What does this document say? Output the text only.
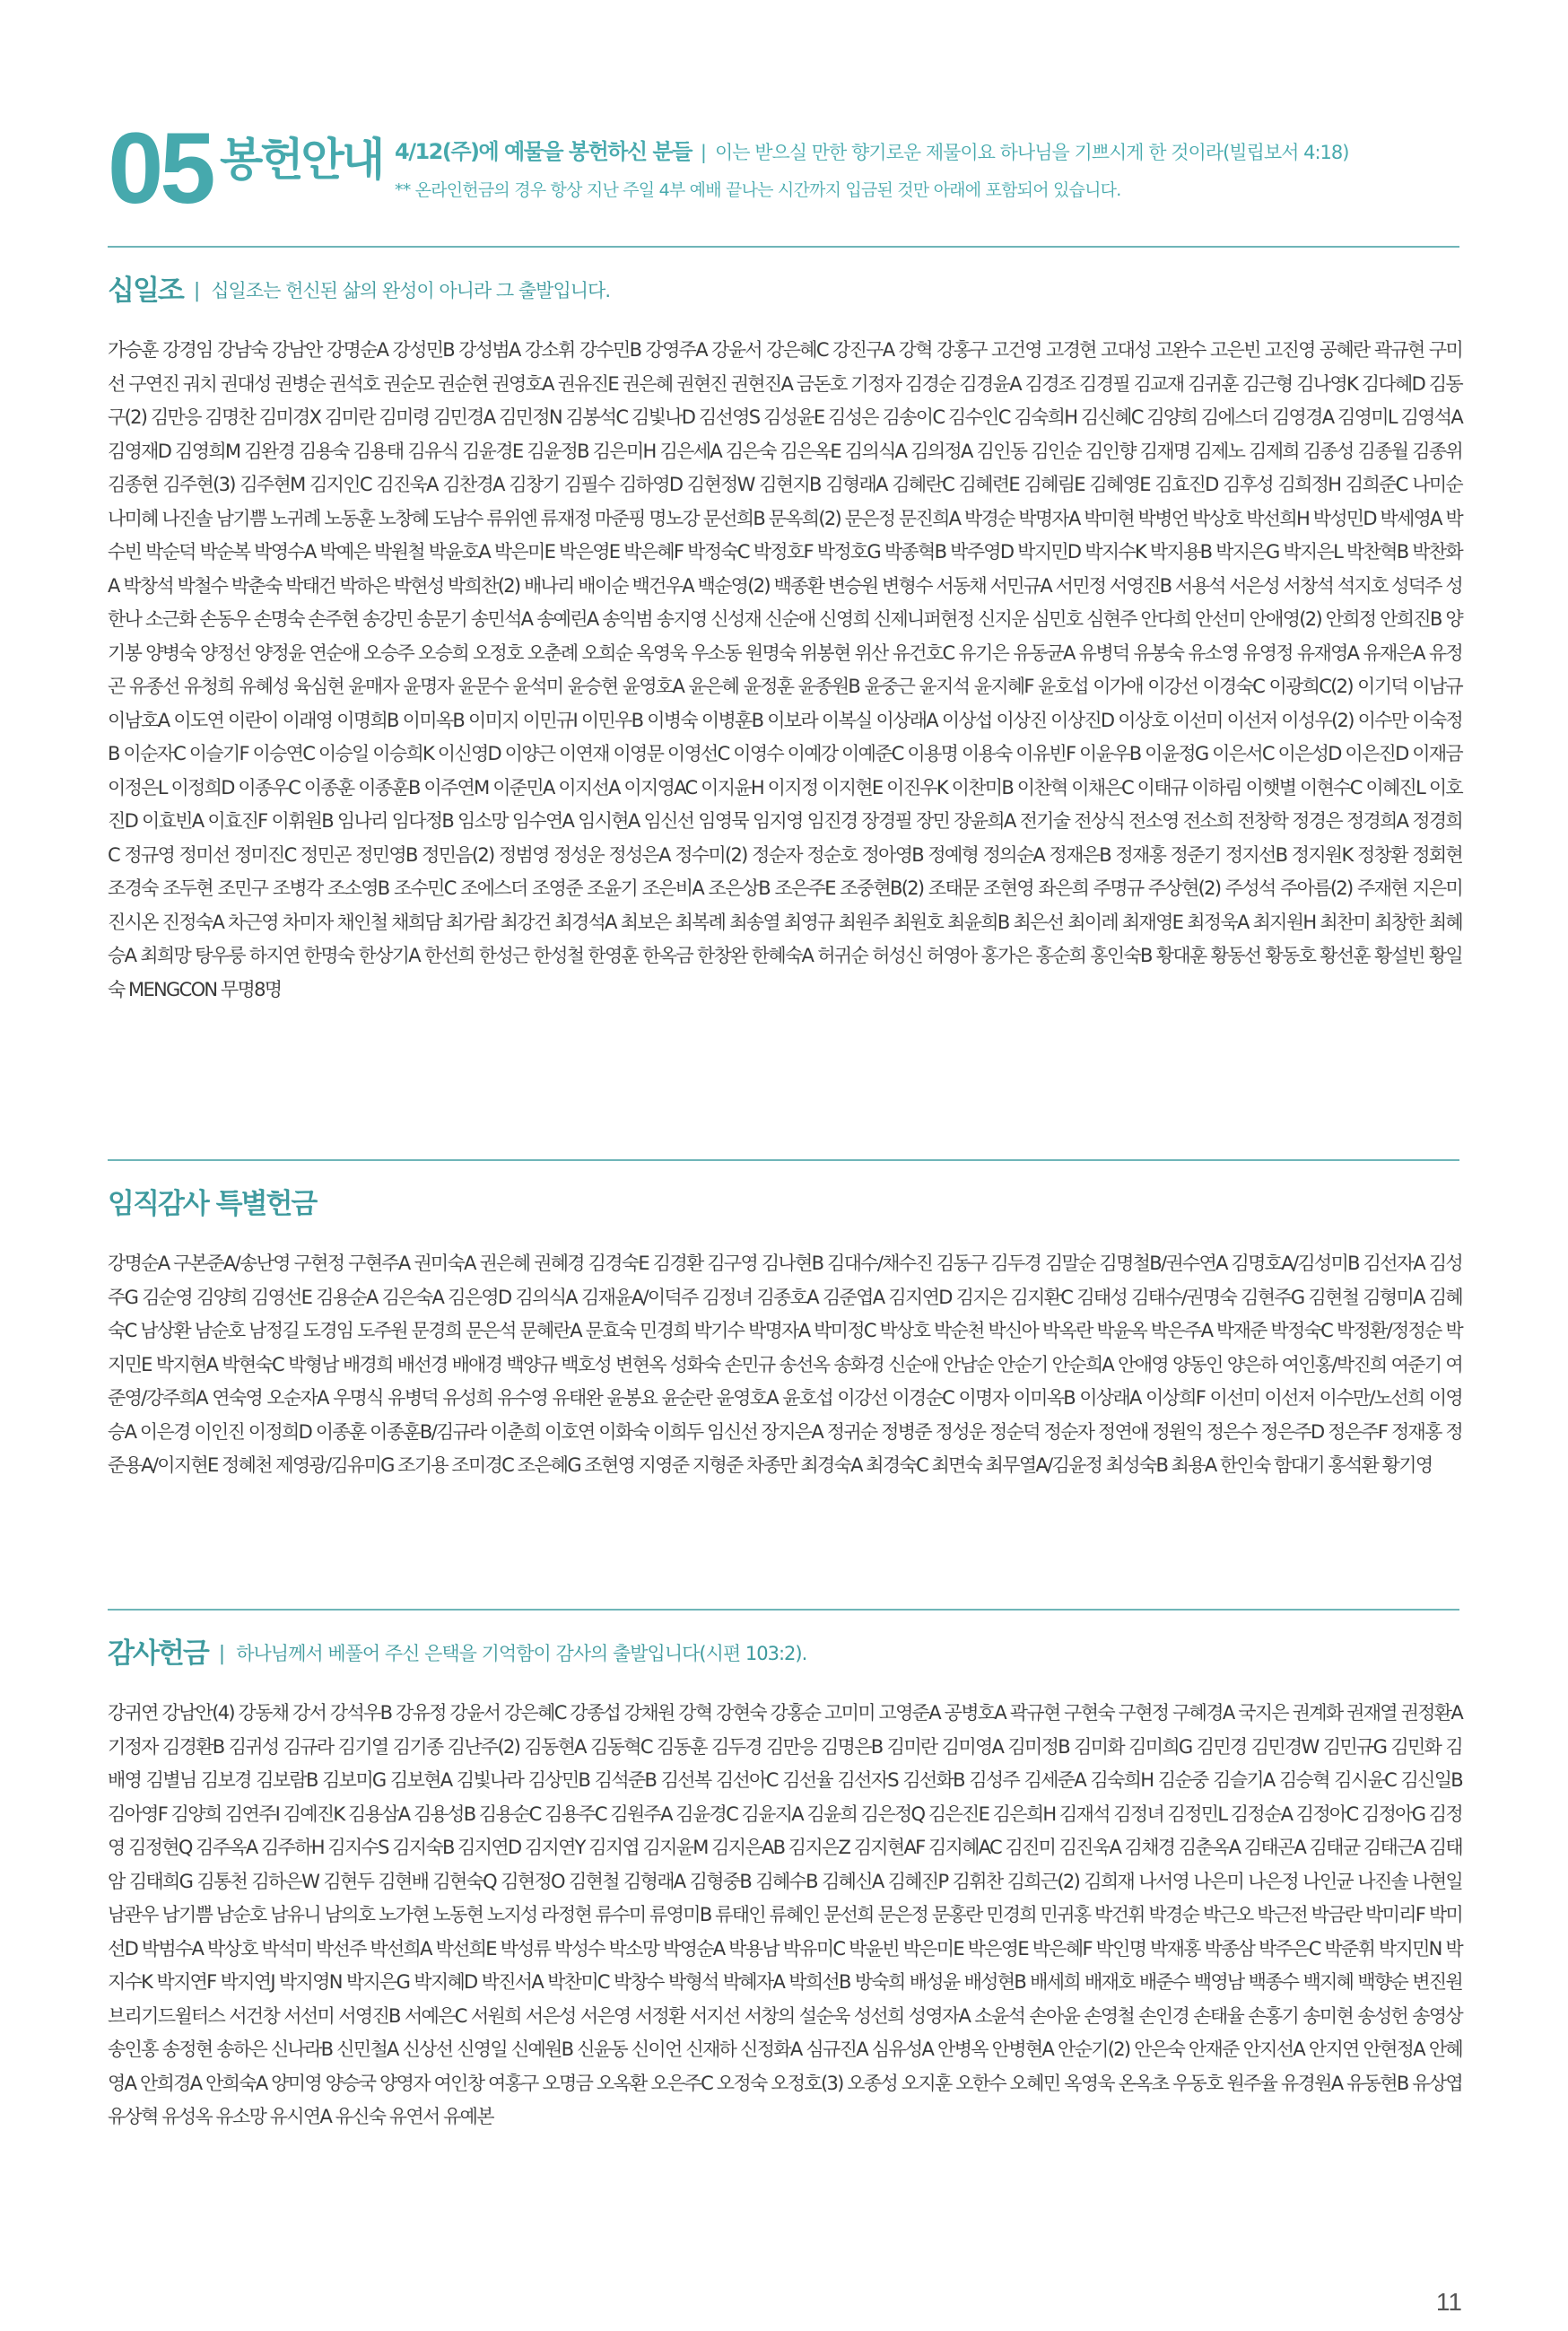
05 봉헌안내 4/12(주)에 예물을 봉헌하신 분들 | 이는 받으실 만한 향기로운 제물이요 하나님을 기쁘시게 한 것이라(빌립보서 4:18)
** 온라인헌금의 경우 항상 지난 주일 4부 예배 끝나는 시간까지 입금된 것만 아래에 포함되어 있습니다.
십일조 | 십일조는 헌신된 삶의 완성이 아니라 그 출발입니다.
가승훈 강경임 강남숙 강남안 강명순A 강성민B 강성범A 강소휘 강수민B 강영주A 강윤서 강은혜C 강진구A 강혁 강홍구 고건영 고경현 고대성 고완수 고은빈 고진영 공혜란 곽규현 구미선 구연진 궈치 권대성 권병순 권석호 권순모 권순현 권영호A 권유진E 권은혜 권현진 권현진A 금돈호 기정자 김경순 김경윤A 김경조 김경필 김교재 김귀훈 김근형 김나영K 김다혜D 김동구(2) 김만응 김명찬 김미경X 김미란 김미령 김민경A 김민정N 김봉석C 김빛나D 김선영S 김성윤E 김성은 김송이C 김수인C 김숙희H 김신혜C 김양희 김에스더 김영경A 김영미L 김영석A 김영재D 김영희M 김완경 김용숙 김용태 김유식 김윤경E 김윤정B 김은미H 김은세A 김은숙 김은옥E 김의식A 김의정A 김인동 김인순 김인향 김재명 김제노 김제희 김종성 김종월 김종위 김종현 김주현(3) 김주현M 김지인C 김진욱A 김찬경A 김창기 김필수 김하영D 김현정W 김현지B 김형래A 김혜란C 김혜련E 김혜림E 김혜영E 김효진D 김후성 김희정H 김희준C 나미순 나미혜 나진솔 남기쁨 노귀례 노동훈 노창혜 도남수 류위엔 류재정 마준핑 명노강 문선희B 문옥희(2) 문은정 문진희A 박경순 박명자A 박미현 박병언 박상호 박선희H 박성민D 박세영A 박수빈 박순덕 박순복 박영수A 박예은 박원철 박윤호A 박은미E 박은영E 박은혜F 박정숙C 박정호F 박정호G 박종혁B 박주영D 박지민D 박지수K 박지용B 박지은G 박지은L 박찬혁B 박찬화A 박창석 박철수 박춘숙 박태건 박하은 박현성 박희찬(2) 배나리 배이순 백건우A 백순영(2) 백종환 변승원 변형수 서동채 서민규A 서민정 서영진B 서용석 서은성 서창석 석지호 성덕주 성한나 소근화 손동우 손명숙 손주현 송강민 송문기 송민석A 송예린A 송익범 송지영 신성재 신순애 신영희 신제니퍼현정 신지운 심민호 심현주 안다희 안선미 안애영(2) 안희정 안희진B 양기봉 양병숙 양정선 양정윤 연순애 오승주 오승희 오정호 오춘례 오희순 옥영욱 우소동 원명숙 위봉현 위산 유건호C 유기은 유동균A 유병덕 유봉숙 유소영 유영정 유재영A 유재은A 유정곤 유종선 유청희 유혜성 육심현 윤매자 윤명자 윤문수 윤석미 윤승현 윤영호A 윤은혜 윤정훈 윤종원B 윤중근 윤지석 윤지혜F 윤호섭 이가애 이강선 이경숙C 이광희C(2) 이기덕 이남규 이남호A 이도연 이란이 이래영 이명희B 이미옥B 이미지 이민규I 이민우B 이병숙 이병훈B 이보라 이복실 이상래A 이상섭 이상진 이상진D 이상호 이선미 이선저 이성우(2) 이수만 이숙정B 이순자C 이슬기F 이승연C 이승일 이승희K 이신영D 이양근 이연재 이영문 이영선C 이영수 이예강 이예준C 이용명 이용숙 이유빈F 이윤우B 이윤정G 이은서C 이은성D 이은진D 이재금 이정은L 이정희D 이종우C 이종훈 이종훈B 이주연M 이준민A 이지선A 이지영AC 이지윤H 이지정 이지현E 이진우K 이찬미B 이찬혁 이채은C 이태규 이하림 이햇별 이현수C 이혜진L 이호진D 이효빈A 이효진F 이휘원B 임나리 임다정B 임소망 임수연A 임시현A 임신선 임영묵 임지영 임진경 장경필 장민 장윤희A 전기술 전상식 전소영 전소희 전창학 정경은 정경희A 정경희C 정규영 정미선 정미진C 정민곤 정민영B 정민음(2) 정범영 정성운 정성은A 정수미(2) 정순자 정순호 정아영B 정예형 정의순A 정재은B 정재홍 정준기 정지선B 정지원K 정창환 정회현 조경숙 조두현 조민구 조병각 조소영B 조수민C 조에스더 조영준 조윤기 조은비A 조은상B 조은주E 조중현B(2) 조태문 조현영 좌은희 주명규 주상현(2) 주성석 주아름(2) 주재현 지은미 진시온 진정숙A 차근영 차미자 채인철 채희담 최가람 최강건 최경석A 최보은 최복례 최송열 최영규 최원주 최원호 최윤희B 최은선 최이레 최재영E 최정욱A 최지원H 최찬미 최창한 최혜승A 최희망 탕우룽 하지연 한명숙 한상기A 한선희 한성근 한성철 한영훈 한옥금 한창완 한혜숙A 허귀순 허성신 허영아 홍가은 홍순희 홍인숙B 황대훈 황동선 황동호 황선훈 황설빈 황일숙 MENGCON 무명8명
임직감사 특별헌금
강명순A 구본준A/송난영 구현정 구현주A 권미숙A 권은혜 권혜경 김경숙E 김경환 김구영 김나현B 김대수/채수진 김동구 김두경 김말순 김명철B/권수연A 김명호A/김성미B 김선자A 김성주G 김순영 김양희 김영선E 김용순A 김은숙A 김은영D 김의식A 김재윤A/이덕주 김정녀 김종호A 김준엽A 김지연D 김지은 김지환C 김태성 김태수/권명숙 김현주G 김현철 김형미A 김혜숙C 남상환 남순호 남정길 도경임 도주원 문경희 문은석 문혜란A 문효숙 민경희 박기수 박명자A 박미정C 박상호 박순천 박신아 박옥란 박윤옥 박은주A 박재준 박정숙C 박정환/정정순 박지민E 박지현A 박현숙C 박형남 배경희 배선경 배애경 백양규 백호성 변현옥 성화숙 손민규 송선옥 송화경 신순애 안남순 안순기 안순희A 안애영 양동인 양은하 여인홍/박진희 여준기 여준영/강주희A 연숙영 오순자A 우명식 유병덕 유성희 유수영 유태완 윤봉요 윤순란 윤영호A 윤호섭 이강선 이경순C 이명자 이미옥B 이상래A 이상희F 이선미 이선저 이수만/노선희 이영승A 이은경 이인진 이정희D 이종훈 이종훈B/김규라 이춘희 이호연 이화숙 이희두 임신선 장지은A 정귀순 정병준 정성운 정순덕 정순자 정연애 정원익 정은수 정은주D 정은주F 정재홍 정준용A/이지현E 정혜천 제영광/김유미G 조기용 조미경C 조은혜G 조현영 지영준 지형준 차종만 최경숙A 최경숙C 최면숙 최무열A/김윤정 최성숙B 최용A 한인숙 함대기 홍석환 황기영
감사헌금 | 하나님께서 베풀어 주신 은택을 기억함이 감사의 출발입니다(시편 103:2).
강귀연 강남안(4) 강동채 강서 강석우B 강유정 강윤서 강은혜C 강종섭 강채원 강혁 강현숙 강홍순 고미미 고영준A 공병호A 곽규현 구현숙 구현정 구혜경A 국지은 권계화 권재열 권정환A 기정자 김경환B 김귀성 김규라 김기열 김기종 김난주(2) 김동현A 김동혁C 김동훈 김두경 김만응 김명은B 김미란 김미영A 김미정B 김미화 김미희G 김민경 김민경W 김민규G 김민화 김배영 김별님 김보경 김보람B 김보미G 김보현A 김빛나라 김상민B 김석준B 김선복 김선아C 김선율 김선자S 김선화B 김성주 김세준A 김숙희H 김순중 김슬기A 김승혁 김시윤C 김신일B 김아영F 김양희 김연주I 김예진K 김용삼A 김용성B 김용순C 김용주C 김원주A 김윤경C 김윤지A 김윤희 김은정Q 김은진E 김은희H 김재석 김정녀 김정민L 김정순A 김정아C 김정아G 김정영 김정현Q 김주옥A 김주하H 김지수S 김지숙B 김지연D 김지연Y 김지엽 김지윤M 김지은AB 김지은Z 김지현AF 김지혜AC 김진미 김진욱A 김채경 김춘옥A 김태곤A 김태균 김태근A 김태암 김태희G 김통천 김하은W 김현두 김현배 김현숙Q 김현정O 김현철 김형래A 김형중B 김혜수B 김혜신A 김혜진P 김휘찬 김희근(2) 김희재 나서영 나은미 나은정 나인균 나진솔 나현일 남관우 남기쁨 남순호 남유니 남의호 노가현 노동현 노지성 라정현 류수미 류영미B 류태인 류혜인 문선희 문은정 문홍란 민경희 민귀홍 박건휘 박경순 박근오 박근전 박금란 박미리F 박미선D 박범수A 박상호 박석미 박선주 박선희A 박선희E 박성류 박성수 박소망 박영순A 박용남 박유미C 박윤빈 박은미E 박은영E 박은혜F 박인명 박재홍 박종삼 박주은C 박준휘 박지민N 박지수K 박지연F 박지연J 박지영N 박지은G 박지혜D 박진서A 박찬미C 박창수 박형석 박혜자A 박희선B 방숙희 배성윤 배성현B 배세희 배재호 배준수 백영남 백종수 백지혜 백향순 변진원 브리기드윌터스 서건창 서선미 서영진B 서예은C 서원희 서은성 서은영 서정환 서지선 서창의 설순욱 성선희 성영자A 소윤석 손아윤 손영철 손인경 손태율 손홍기 송미현 송성헌 송영상 송인홍 송정현 송하은 신나라B 신민철A 신상선 신영일 신예원B 신윤동 신이언 신재하 신정화A 심규진A 심유성A 안병옥 안병현A 안순기(2) 안은숙 안재준 안지선A 안지연 안현정A 안혜영A 안희경A 안희숙A 양미영 양승국 양영자 여인창 여홍구 오명금 오옥환 오은주C 오정숙 오정호(3) 오종성 오지훈 오한수 오혜민 옥영욱 온옥초 우동호 원주율 유경원A 유동현B 유상엽 유상혁 유성옥 유소망 유시연A 유신숙 유연서 유예본
11
